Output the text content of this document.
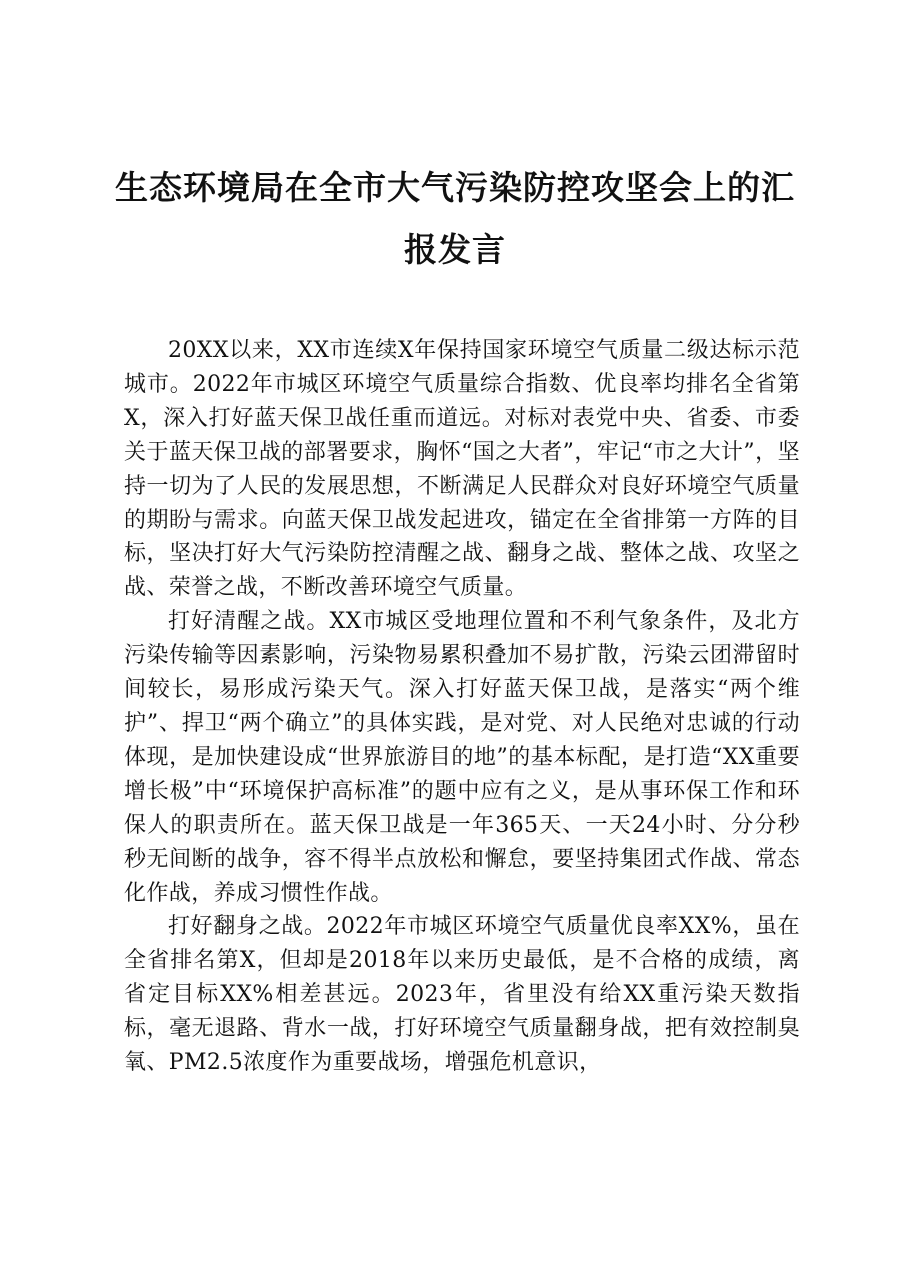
生态环境局在全市大气污染防控攻坚会上的汇
报发言

20XX以来，XX市连续X年保持国家环境空气质量二级达标示范城市。2022年市城区环境空气质量综合指数、优良率均排名全省第X，深入打好蓝天保卫战任重而道远。对标对表党中央、省委、市委关于蓝天保卫战的部署要求，胸怀“国之大者”，牢记“市之大计”，坚持一切为了人民的发展思想，不断满足人民群众对良好环境空气质量的期盼与需求。向蓝天保卫战发起进攻，锚定在全省排第一方阵的目标，坚决打好大气污染防控清醒之战、翻身之战、整体之战、攻坚之战、荣誉之战，不断改善环境空气质量。

打好清醒之战。XX市城区受地理位置和不利气象条件，及北方污染传输等因素影响，污染物易累积叠加不易扩散，污染云团滞留时间较长，易形成污染天气。深入打好蓝天保卫战，是落实“两个维护”、捍卫“两个确立”的具体实践，是对党、对人民绝对忠诚的行动体现，是加快建设成“世界旅游目的地”的基本标配，是打造“XX重要增长极”中“环境保护高标准”的题中应有之义，是从事环保工作和环保人的职责所在。蓝天保卫战是一年365天、一天24小时、分分秒秒无间断的战争，容不得半点放松和懈怠，要坚持集团式作战、常态化作战，养成习惯性作战。

打好翻身之战。2022年市城区环境空气质量优良率XX%，虽在全省排名第X，但却是2018年以来历史最低，是不合格的成绩，离省定目标XX%相差甚远。2023年，省里没有给XX重污染天数指标，毫无退路、背水一战，打好环境空气质量翻身战，把有效控制臭氧、PM2.5浓度作为重要战场，增强危机意识，
